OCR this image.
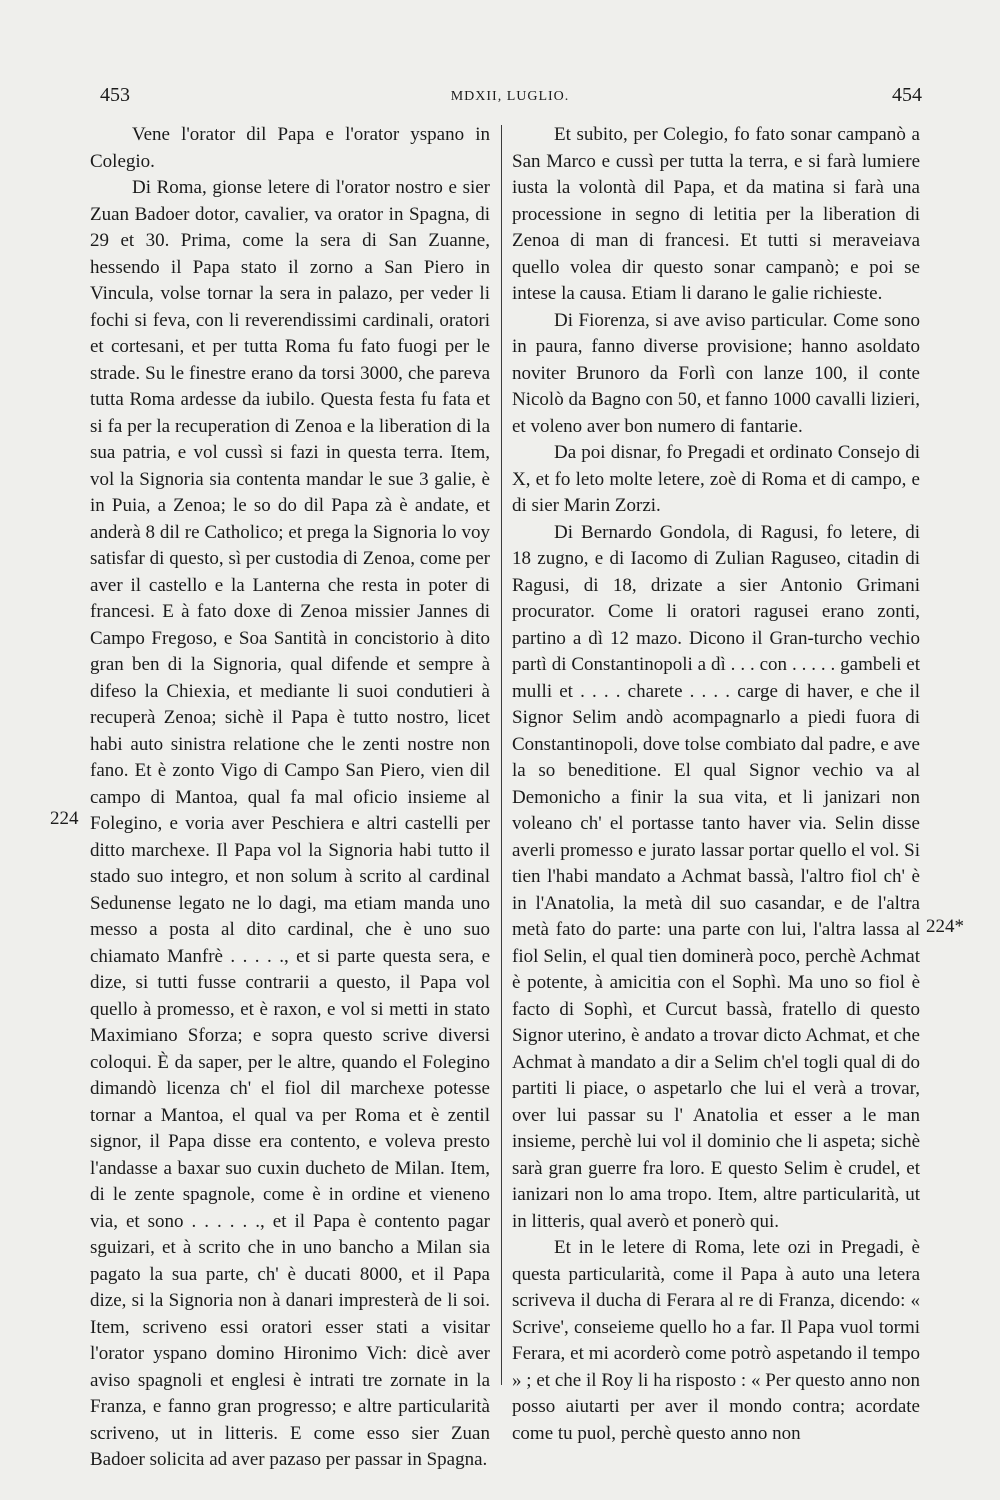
453	MDXII, LUGLIO.	454

Vene l'orator dil Papa e l'orator yspano in Colegio.

Di Roma, gionse letere di l'orator nostro e sier Zuan Badoer dotor, cavalier, va orator in Spagna, di 29 et 30. Prima, come la sera di San Zuanne, hessendo il Papa stato il zorno a San Piero in Vincula, volse tornar la sera in palazo, per veder li fochi si feva, con li reverendissimi cardinali, oratori et cortesani, et per tutta Roma fu fato fuogi per le strade. Su le finestre erano da torsi 3000, che pareva tutta Roma ardesse da iubilo. Questa festa fu fata et si fa per la recuperation di Zenoa e la liberation di la sua patria, e vol cussì si fazi in questa terra. Item, vol la Signoria sia contenta mandar le sue 3 galie, è in Puia, a Zenoa; le so do dil Papa zà è andate, et anderà 8 dil re Catholico; et prega la Signoria lo voy satisfar di questo, sì per custodia di Zenoa, come per aver il castello e la Lanterna che resta in poter di francesi. E à fato doxe di Zenoa missier Jannes di Campo Fregoso, e Soa Santità in concistorio à dito gran ben di la Signoria, qual difende et sempre à difeso la Chiexia, et mediante li suoi condutieri à recuperà Zenoa; sichè il Papa è tutto nostro, licet habi auto sinistra relatione che le zenti nostre non fano. Et è zonto Vigo di Campo San Piero, vien dil campo di Mantoa, qual fa mal oficio insieme al Folegino, e voria aver Peschiera e altri castelli per ditto marchexe. Il Papa vol la Signoria habi tutto il stado suo integro, et non solum à scrito al cardinal Sedunense legato ne lo dagi, ma etiam manda uno messo a posta al dito cardinal, che è uno suo chiamato Manfrè . . . . ., et si parte questa sera, e dize, si tutti fusse contrarii a questo, il Papa vol quello à promesso, et è raxon, e vol si metti in stato Maximiano Sforza; e sopra questo scrive diversi coloqui. È da saper, per le altre, quando el Folegino dimandò licenza ch' el fiol dil marchexe potesse tornar a Mantoa, el qual va per Roma et è zentil signor, il Papa disse era contento, e voleva presto l'andasse a baxar suo cuxin ducheto de Milan. Item, di le zente spagnole, come è in ordine et vieneno via, et sono . . . . . ., et il Papa è contento pagar sguizari, et à scrito che in uno bancho a Milan sia pagato la sua parte, ch' è ducati 8000, et il Papa dize, si la Signoria non à danari impresterà de li soi. Item, scriveno essi oratori esser stati a visitar l'orator yspano domino Hironimo Vich: dicè aver aviso spagnoli et englesi è intrati tre zornate in la Franza, e fanno gran progresso; e altre particularità scriveno, ut in litteris. E come esso sier Zuan Badoer solicita ad aver pazaso per passar in Spagna.

Et subito, per Colegio, fo fato sonar campanò a San Marco e cussì per tutta la terra, e si farà lumiere iusta la volontà dil Papa, et da matina si farà una processione in segno di letitia per la liberation di Zenoa di man di francesi. Et tutti si meraveiava quello volea dir questo sonar campanò; e poi se intese la causa. Etiam li darano le galie richieste.

Di Fiorenza, si ave aviso particular. Come sono in paura, fanno diverse provisione; hanno asoldato noviter Brunoro da Forlì con lanze 100, il conte Nicolò da Bagno con 50, et fanno 1000 cavalli lizieri, et voleno aver bon numero di fantarie.

Da poi disnar, fo Pregadi et ordinato Consejo di X, et fo leto molte letere, zoè di Roma et di campo, e di sier Marin Zorzi.

Di Bernardo Gondola, di Ragusi, fo letere, di 18 zugno, e di Iacomo di Zulian Raguseo, citadin di Ragusi, di 18, drizate a sier Antonio Grimani procurator. Come li oratori ragusei erano zonti, partino a dì 12 mazo. Dicono il Gran-turcho vechio partì di Constantinopoli a dì . . . con . . . . . gambeli et mulli et . . . . charete . . . . carge di haver, e che il Signor Selim andò acompagnarlo a piedi fuora di Constantinopoli, dove tolse combiato dal padre, e ave la so beneditione. El qual Signor vechio va al Demonicho a finir la sua vita, et li janizari non voleano ch' el portasse tanto haver via. Selin disse averli promesso e jurato lassar portar quello el vol. Si tien l'habi mandato a Achmat bassà, l'altro fiol ch' è in l'Anatolia, la metà dil suo casandar, e de l'altra metà fato do parte: una parte con lui, l'altra lassa al fiol Selin, el qual tien dominerà poco, perchè Achmat è potente, à amicitia con el Sophì. Ma uno so fiol è facto di Sophì, et Curcut bassà, fratello di questo Signor uterino, è andato a trovar dicto Achmat, et che Achmat à mandato a dir a Selim ch'el togli qual di do partiti li piace, o aspetarlo che lui el verà a trovar, over lui passar su l' Anatolia et esser a le man insieme, perchè lui vol il dominio che li aspeta; sichè sarà gran guerre fra loro. E questo Selim è crudel, et ianizari non lo ama tropo. Item, altre particularità, ut in litteris, qual averò et ponerò qui.

Et in le letere di Roma, lete ozi in Pregadi, è questa particularità, come il Papa à auto una letera scriveva il ducha di Ferara al re di Franza, dicendo: « Scrive', conseieme quello ho a far. Il Papa vuol tormi Ferara, et mi acorderò come potrò aspetando il tempo » ; et che il Roy li ha risposto : « Per questo anno non posso aiutarti per aver il mondo contra; acordate come tu puol, perchè questo anno non

224
224*
